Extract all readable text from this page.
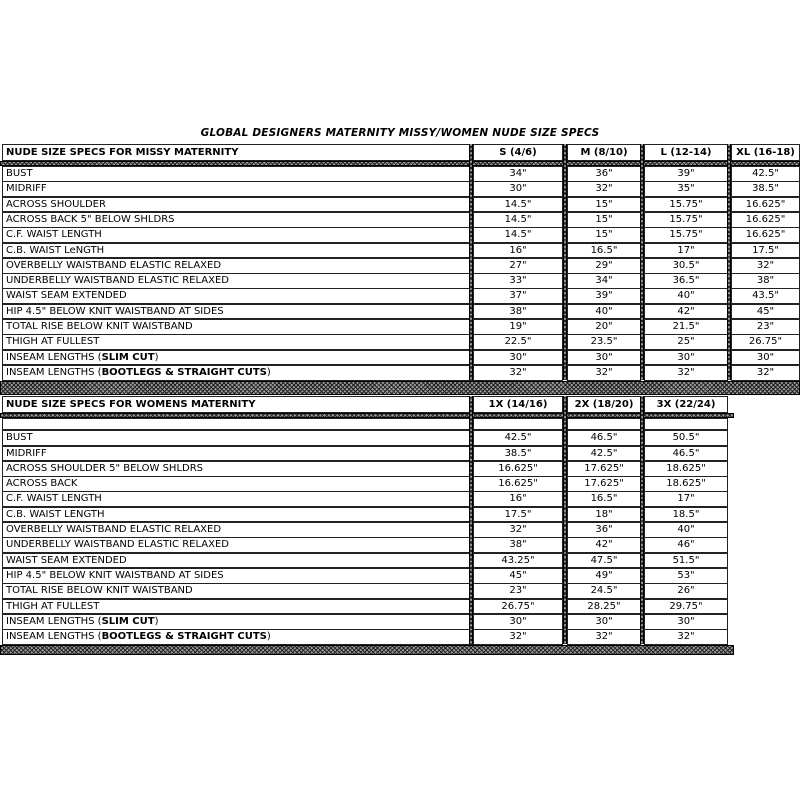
GLOBAL DESIGNERS MATERNITY MISSY/WOMEN NUDE SIZE SPECS
NUDE SIZE SPECS FOR MISSY MATERNITY	S (4/6)	M (8/10)	L (12-14)	XL (16-18)
BUST	34"	36"	39"	42.5"
MIDRIFF	30"	32"	35"	38.5"
ACROSS SHOULDER	14.5"	15"	15.75"	16.625"
ACROSS BACK 5" BELOW SHLDRS	14.5"	15"	15.75"	16.625"
C.F. WAIST LENGTH	14.5"	15"	15.75"	16.625"
C.B. WAIST LeNGTH	16"	16.5"	17"	17.5"
OVERBELLY WAISTBAND ELASTIC RELAXED	27"	29"	30.5"	32"
UNDERBELLY WAISTBAND ELASTIC RELAXED	33"	34"	36.5"	38"
WAIST SEAM EXTENDED	37"	39"	40"	43.5"
HIP 4.5" BELOW KNIT WAISTBAND AT SIDES	38"	40"	42"	45"
TOTAL RISE BELOW KNIT WAISTBAND	19"	20"	21.5"	23"
THIGH AT FULLEST	22.5"	23.5"	25"	26.75"
INSEAM LENGTHS (SLIM CUT)	30"	30"	30"	30"
INSEAM LENGTHS (BOOTLEGS & STRAIGHT CUTS)	32"	32"	32"	32"
NUDE SIZE SPECS FOR WOMENS MATERNITY	1X (14/16)	2X (18/20)	3X (22/24)
BUST	42.5"	46.5"	50.5"
MIDRIFF	38.5"	42.5"	46.5"
ACROSS SHOULDER 5" BELOW SHLDRS	16.625"	17.625"	18.625"
ACROSS BACK	16.625"	17.625"	18.625"
C.F. WAIST LENGTH	16"	16.5"	17"
C.B. WAIST LENGTH	17.5"	18"	18.5"
OVERBELLY WAISTBAND ELASTIC RELAXED	32"	36"	40"
UNDERBELLY WAISTBAND ELASTIC RELAXED	38"	42"	46"
WAIST SEAM EXTENDED	43.25"	47.5"	51.5"
HIP 4.5" BELOW KNIT WAISTBAND AT SIDES	45"	49"	53"
TOTAL RISE BELOW KNIT WAISTBAND	23"	24.5"	26"
THIGH AT FULLEST	26.75"	28.25"	29.75"
INSEAM LENGTHS (SLIM CUT)	30"	30"	30"
INSEAM LENGTHS (BOOTLEGS & STRAIGHT CUTS)	32"	32"	32"
